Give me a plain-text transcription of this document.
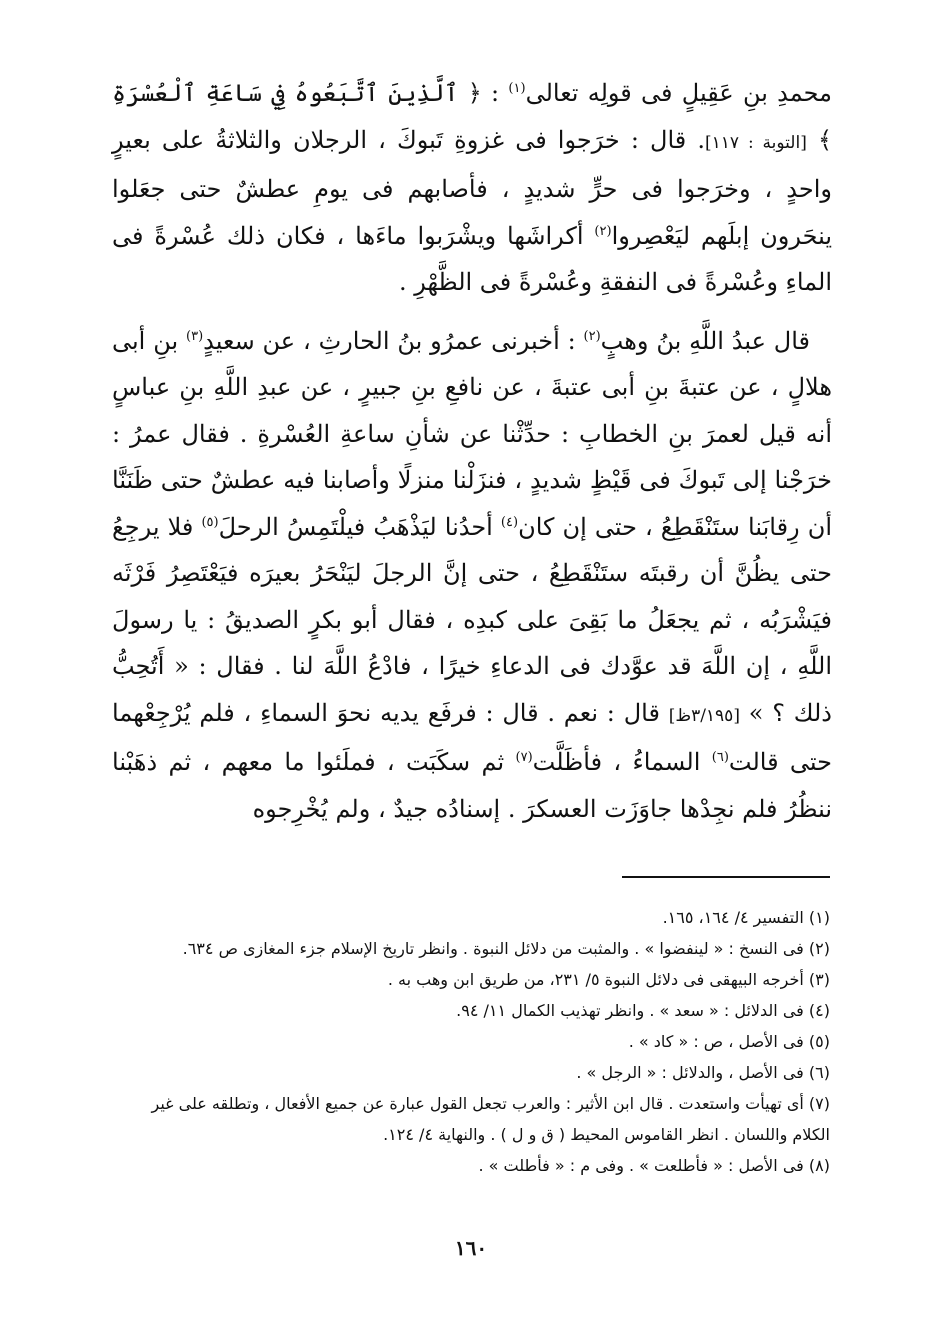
محمدِ بنِ عَقِيلٍ فى قولِه تعالى$^{(١)}$ : ﴿ ٱلَّذِينَ ٱتَّبَعُوهُ فِي سَاعَةِ ٱلْعُسْرَةِ ﴾ [التوبة : ١١٧]. قال : خرَجوا فى غزوةِ تَبوكَ ، الرجلان والثلاثةُ على بعيرٍ واحدٍ ، وخرَجوا فى حرٍّ شديدٍ ، فأصابهم فى يومِ عطشٌ حتى جعَلوا ينحَرون إبلَهم ليَعْصِروا$^{(٢)}$ أكراشَها ويشْرَبوا ماءَها ، فكان ذلك عُسْرةً فى الماءِ وعُسْرةً فى النفقةِ وعُسْرةً فى الظَّهْرِ .

قال عبدُ اللَّهِ بنُ وهبٍ$^{(٢)}$ : أخبرنى عمرُو بنُ الحارثِ ، عن سعيدٍ$^{(٣)}$ بنِ أبى هلالٍ ، عن عتبةَ بنِ أبى عتبةَ ، عن نافعِ بنِ جبيرٍ ، عن عبدِ اللَّهِ بنِ عباسٍ أنه قيل لعمرَ بنِ الخطابِ : حدِّثْنا عن شأنِ ساعةِ العُسْرةِ . فقال عمرُ : خرَجْنا إلى تَبوكَ فى قَيْظٍ شديدٍ ، فنزَلْنا منزلًا وأصابنا فيه عطشٌ حتى ظَنَنَّا أن رِقابَنا ستَنْقَطِعُ ، حتى إن كان$^{(٤)}$ أحدُنا ليَذْهَبُ فيلْتَمِسُ الرحلَ$^{(٥)}$ فلا يرجِعُ حتى يظُنَّ أن رقبتَه ستَنْقَطِعُ ، حتى إنَّ الرجلَ ليَنْحَرُ بعيرَه فيَعْتَصِرُ فَرْثَه فيَشْرَبُه ، ثم يجعَلُ ما بَقِىَ على كبدِه ، فقال أبو بكرٍ الصديقُ : يا رسولَ اللَّهِ ، إن اللَّهَ قد عوَّدك فى الدعاءِ خيرًا ، فادْعُ اللَّهَ لنا . فقال : « أَتُحِبُّ ذلك ؟ » [٣/١٩٥ظ] قال : نعم . قال : فرفَع يديه نحوَ السماءِ ، فلم يُرْجِعْهما حتى قالت$^{(٦)}$ السماءُ ، فأظَلَّت$^{(٧)}$ ثم سكَبَت ، فملَئوا ما معهم ، ثم ذهَبْنا ننظُرُ فلم نجِدْها جاوَزَت العسكرَ . إسنادُه جيدٌ ، ولم يُخْرِجوه

(١) التفسير ٤/ ١٦٤، ١٦٥.

(٢) فى النسخ : « لينفضوا » . والمثبت من دلائل النبوة . وانظر تاريخ الإسلام جزء المغازى ص ٦٣٤.

(٣) أخرجه البيهقى فى دلائل النبوة ٥/ ٢٣١، من طريق ابن وهب به .

(٤) فى الدلائل : « سعد » . وانظر تهذيب الكمال ١١/ ٩٤.

(٥) فى الأصل ، ص : « كاد » .

(٦) فى الأصل ، والدلائل : « الرجل » .

(٧) أى تهيأت واستعدت . قال ابن الأثير : والعرب تجعل القول عبارة عن جميع الأفعال ، وتطلقه على غير الكلام واللسان . انظر القاموس المحيط ( ق و ل ) . والنهاية ٤/ ١٢٤.

(٨) فى الأصل : « فأطلعت » . وفى م : « فأطلت » .

١٦٠
